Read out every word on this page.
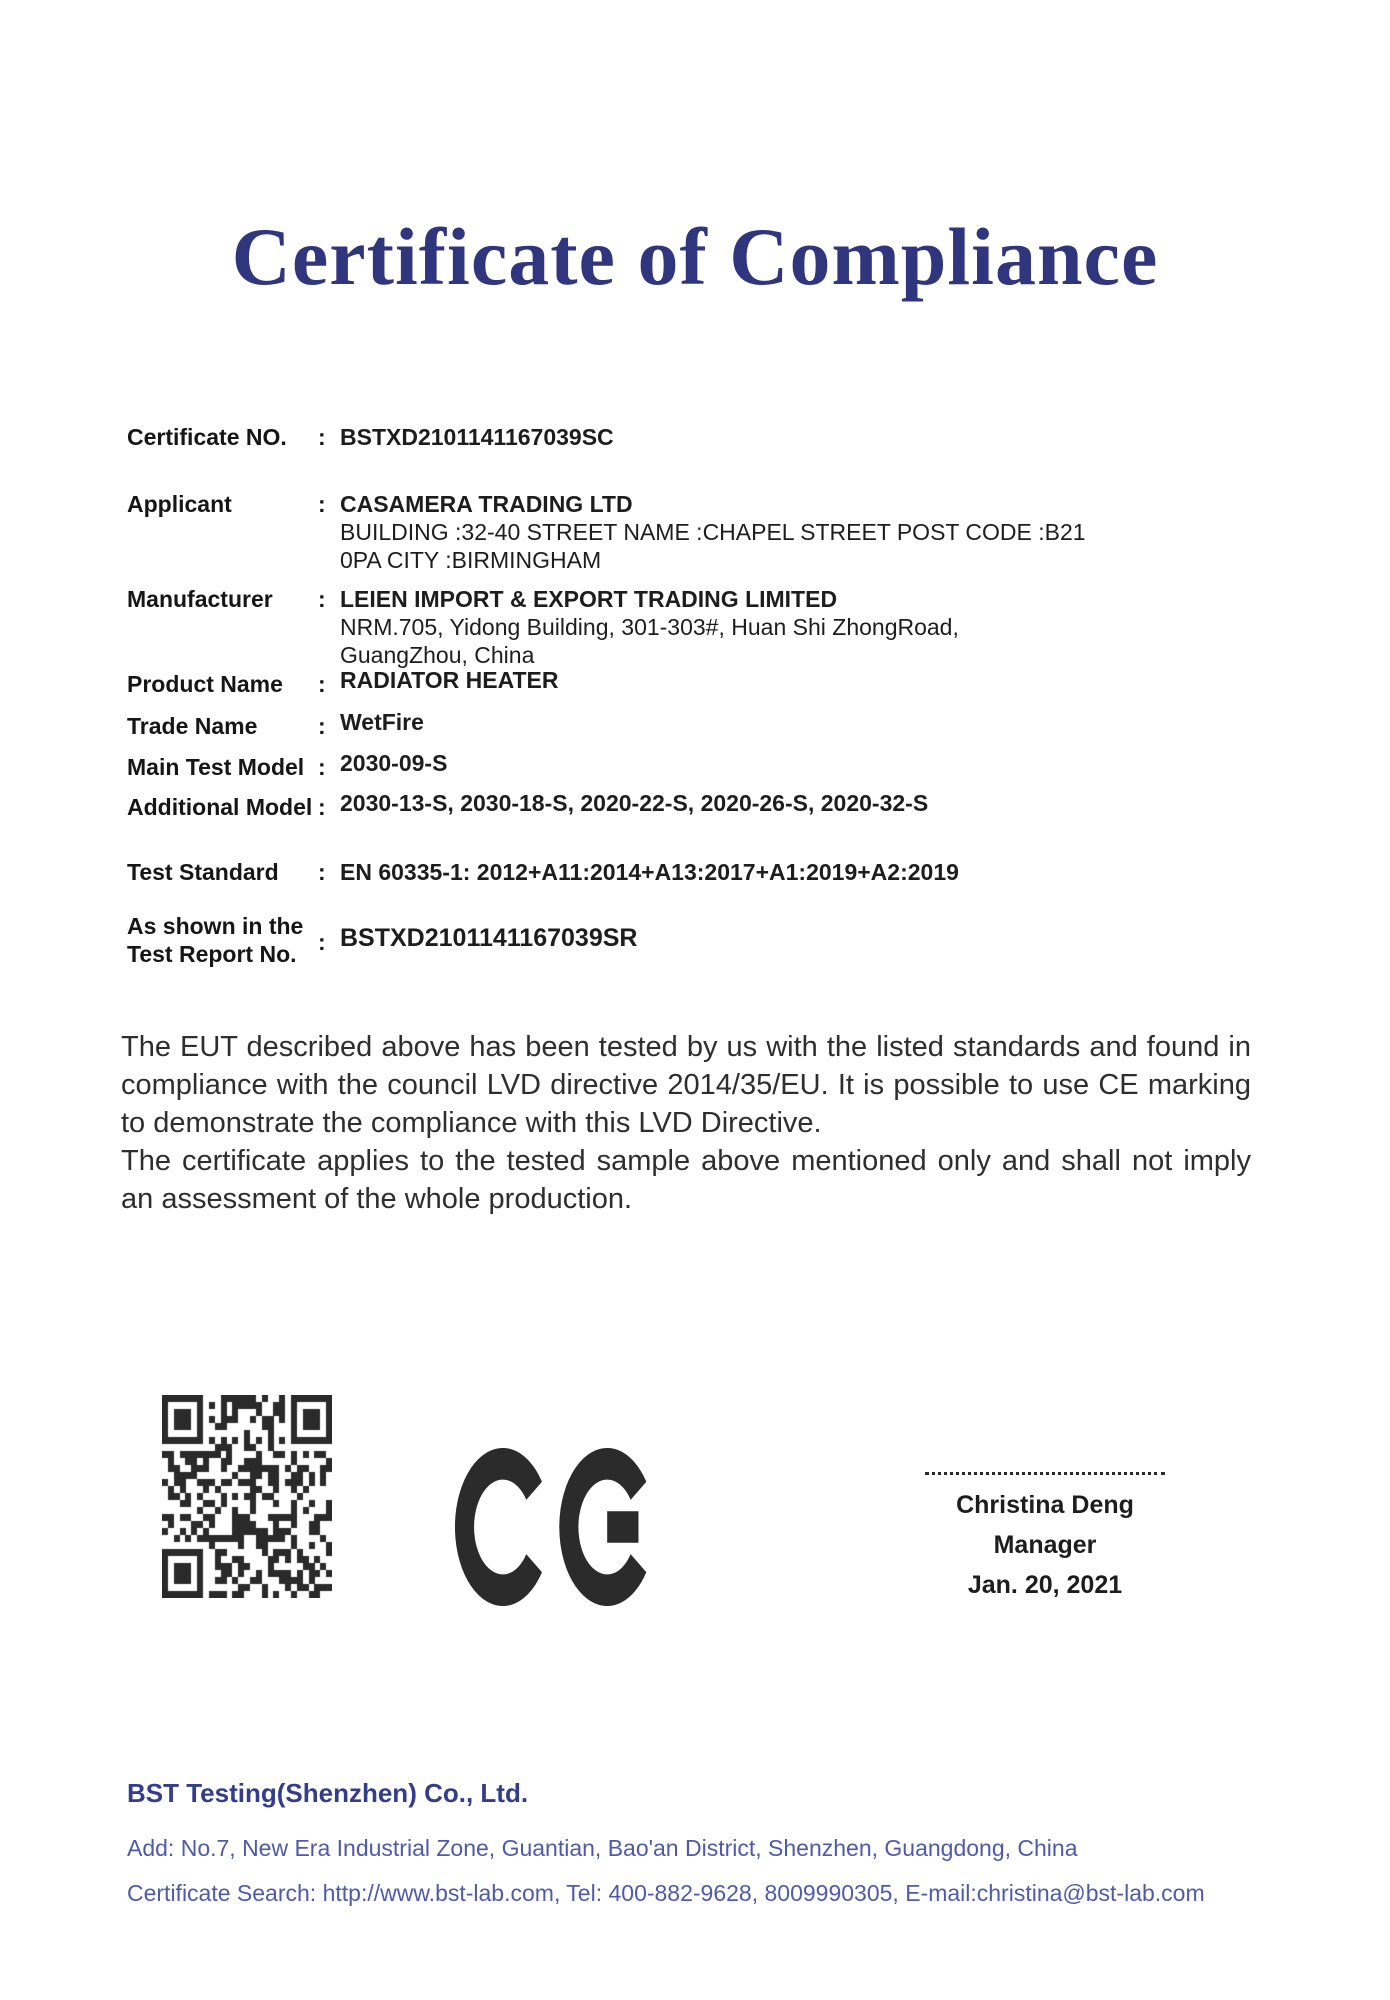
Certificate of Compliance
Certificate NO.	: BSTXD2101141167039SC
Applicant	: CASAMERA TRADING LTD
BUILDING :32-40 STREET NAME :CHAPEL STREET POST CODE :B21
0PA CITY :BIRMINGHAM
Manufacturer	: LEIEN IMPORT & EXPORT TRADING LIMITED
NRM.705, Yidong Building, 301-303#, Huan Shi ZhongRoad,
GuangZhou, China
Product Name	: RADIATOR HEATER
Trade Name	: WetFire
Main Test Model : 2030-09-S
Additional Model : 2030-13-S, 2030-18-S, 2020-22-S, 2020-26-S, 2020-32-S
Test Standard	: EN 60335-1: 2012+A11:2014+A13:2017+A1:2019+A2:2019
As shown in the
Test Report No. : BSTXD2101141167039SR

The EUT described above has been tested by us with the listed standards and found in compliance with the council LVD directive 2014/35/EU. It is possible to use CE marking to demonstrate the compliance with this LVD Directive.

The certificate applies to the tested sample above mentioned only and shall not imply an assessment of the whole production.

Christina Deng
Manager
Jan. 20, 2021

BST Testing(Shenzhen) Co., Ltd.

Add: No.7, New Era Industrial Zone, Guantian, Bao'an District, Shenzhen, Guangdong, China

Certificate Search: http://www.bst-lab.com, Tel: 400-882-9628, 8009990305, E-mail:christina@bst-lab.com
